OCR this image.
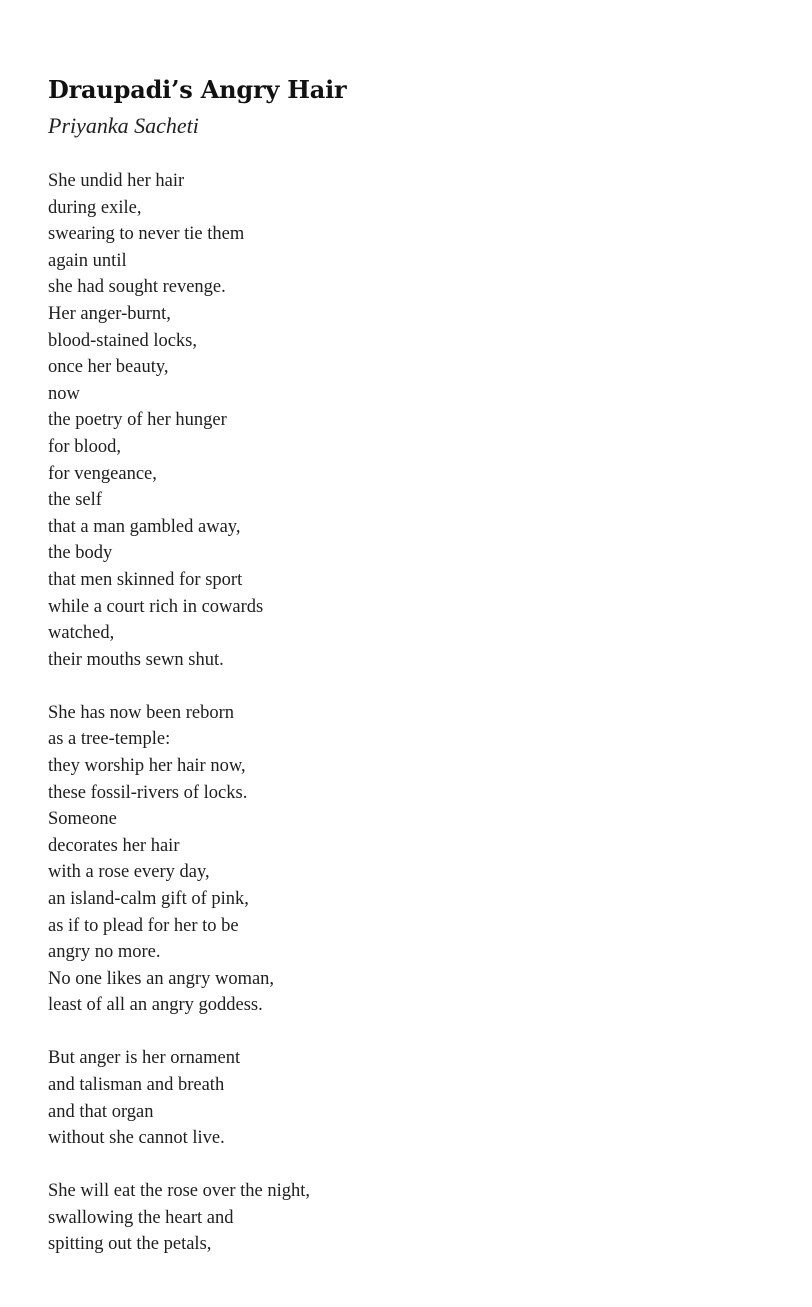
Draupadi’s Angry Hair
Priyanka Sacheti
She undid her hair
during exile,
swearing to never tie them
again until
she had sought revenge.
Her anger-burnt,
blood-stained locks,
once her beauty,
now
the poetry of her hunger
for blood,
for vengeance,
the self
that a man gambled away,
the body
that men skinned for sport
while a court rich in cowards
watched,
their mouths sewn shut.
She has now been reborn
as a tree-temple:
they worship her hair now,
these fossil-rivers of locks.
Someone
decorates her hair
with a rose every day,
an island-calm gift of pink,
as if to plead for her to be
angry no more.
No one likes an angry woman,
least of all an angry goddess.
But anger is her ornament
and talisman and breath
and that organ
without she cannot live.
She will eat the rose over the night,
swallowing the heart and
spitting out the petals,
